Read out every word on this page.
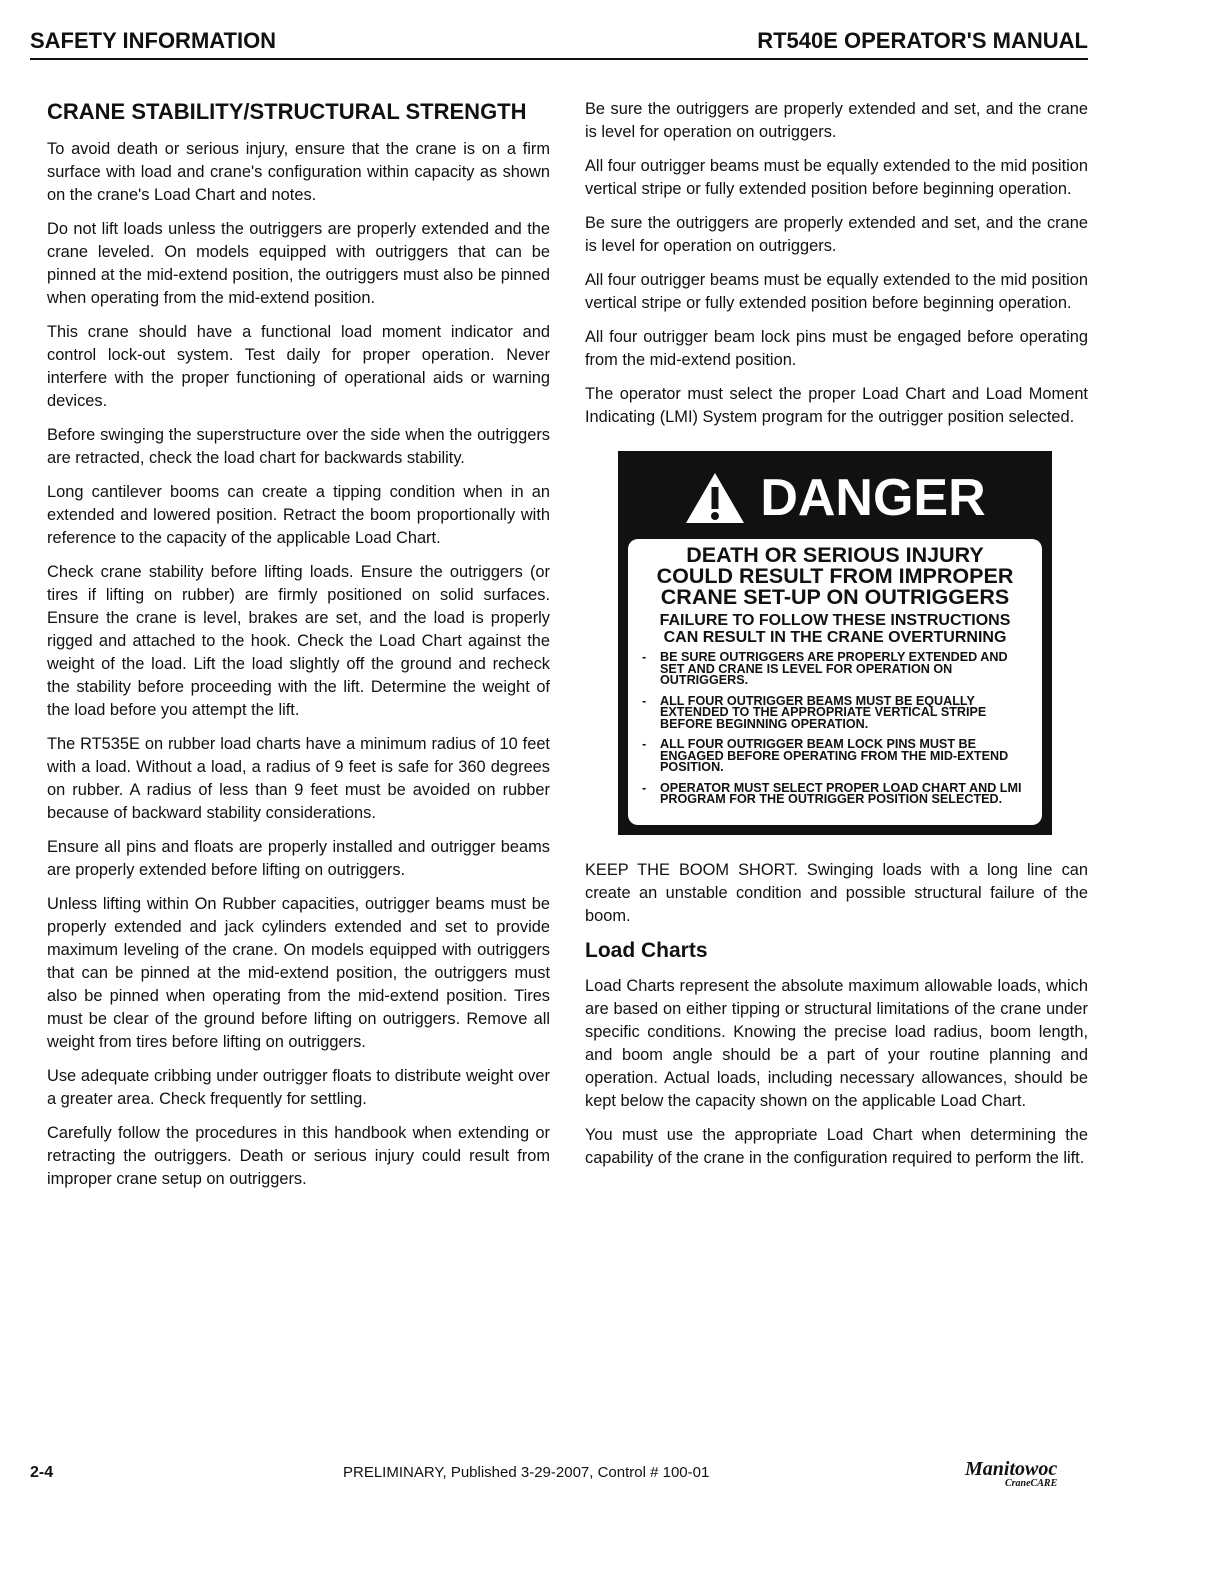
SAFETY INFORMATION	RT540E OPERATOR'S MANUAL
CRANE STABILITY/STRUCTURAL STRENGTH

To avoid death or serious injury, ensure that the crane is on a firm surface with load and crane's configuration within capacity as shown on the crane's Load Chart and notes.

Do not lift loads unless the outriggers are properly extended and the crane leveled. On models equipped with outriggers that can be pinned at the mid-extend position, the outriggers must also be pinned when operating from the mid-extend position.

This crane should have a functional load moment indicator and control lock-out system. Test daily for proper operation. Never interfere with the proper functioning of operational aids or warning devices.

Before swinging the superstructure over the side when the outriggers are retracted, check the load chart for backwards stability.

Long cantilever booms can create a tipping condition when in an extended and lowered position. Retract the boom proportionally with reference to the capacity of the applicable Load Chart.

Check crane stability before lifting loads. Ensure the outriggers (or tires if lifting on rubber) are firmly positioned on solid surfaces. Ensure the crane is level, brakes are set, and the load is properly rigged and attached to the hook. Check the Load Chart against the weight of the load. Lift the load slightly off the ground and recheck the stability before proceeding with the lift. Determine the weight of the load before you attempt the lift.

The RT535E on rubber load charts have a minimum radius of 10 feet with a load. Without a load, a radius of 9 feet is safe for 360 degrees on rubber. A radius of less than 9 feet must be avoided on rubber because of backward stability considerations.

Ensure all pins and floats are properly installed and outrigger beams are properly extended before lifting on outriggers.

Unless lifting within On Rubber capacities, outrigger beams must be properly extended and jack cylinders extended and set to provide maximum leveling of the crane. On models equipped with outriggers that can be pinned at the mid-extend position, the outriggers must also be pinned when operating from the mid-extend position. Tires must be clear of the ground before lifting on outriggers. Remove all weight from tires before lifting on outriggers.

Use adequate cribbing under outrigger floats to distribute weight over a greater area. Check frequently for settling.

Carefully follow the procedures in this handbook when extending or retracting the outriggers. Death or serious injury could result from improper crane setup on outriggers.

Be sure the outriggers are properly extended and set, and the crane is level for operation on outriggers.

All four outrigger beams must be equally extended to the mid position vertical stripe or fully extended position before beginning operation.

Be sure the outriggers are properly extended and set, and the crane is level for operation on outriggers.

All four outrigger beams must be equally extended to the mid position vertical stripe or fully extended position before beginning operation.

All four outrigger beam lock pins must be engaged before operating from the mid-extend position.

The operator must select the proper Load Chart and Load Moment Indicating (LMI) System program for the outrigger position selected.

DANGER
DEATH OR SERIOUS INJURY
COULD RESULT FROM IMPROPER
CRANE SET-UP ON OUTRIGGERS
FAILURE TO FOLLOW THESE INSTRUCTIONS
CAN RESULT IN THE CRANE OVERTURNING
-	BE SURE OUTRIGGERS ARE PROPERLY EXTENDED AND SET AND CRANE IS LEVEL FOR OPERATION ON OUTRIGGERS.
-	ALL FOUR OUTRIGGER BEAMS MUST BE EQUALLY EXTENDED TO THE APPROPRIATE VERTICAL STRIPE BEFORE BEGINNING OPERATION.
-	ALL FOUR OUTRIGGER BEAM LOCK PINS MUST BE ENGAGED BEFORE OPERATING FROM THE MID-EXTEND POSITION.
-	OPERATOR MUST SELECT PROPER LOAD CHART AND LMI PROGRAM FOR THE OUTRIGGER POSITION SELECTED.

KEEP THE BOOM SHORT. Swinging loads with a long line can create an unstable condition and possible structural failure of the boom.

Load Charts

Load Charts represent the absolute maximum allowable loads, which are based on either tipping or structural limitations of the crane under specific conditions. Knowing the precise load radius, boom length, and boom angle should be a part of your routine planning and operation. Actual loads, including necessary allowances, should be kept below the capacity shown on the applicable Load Chart.

You must use the appropriate Load Chart when determining the capability of the crane in the configuration required to perform the lift.

2-4	PRELIMINARY, Published 3-29-2007, Control # 100-01	Manitowoc
CraneCARE
